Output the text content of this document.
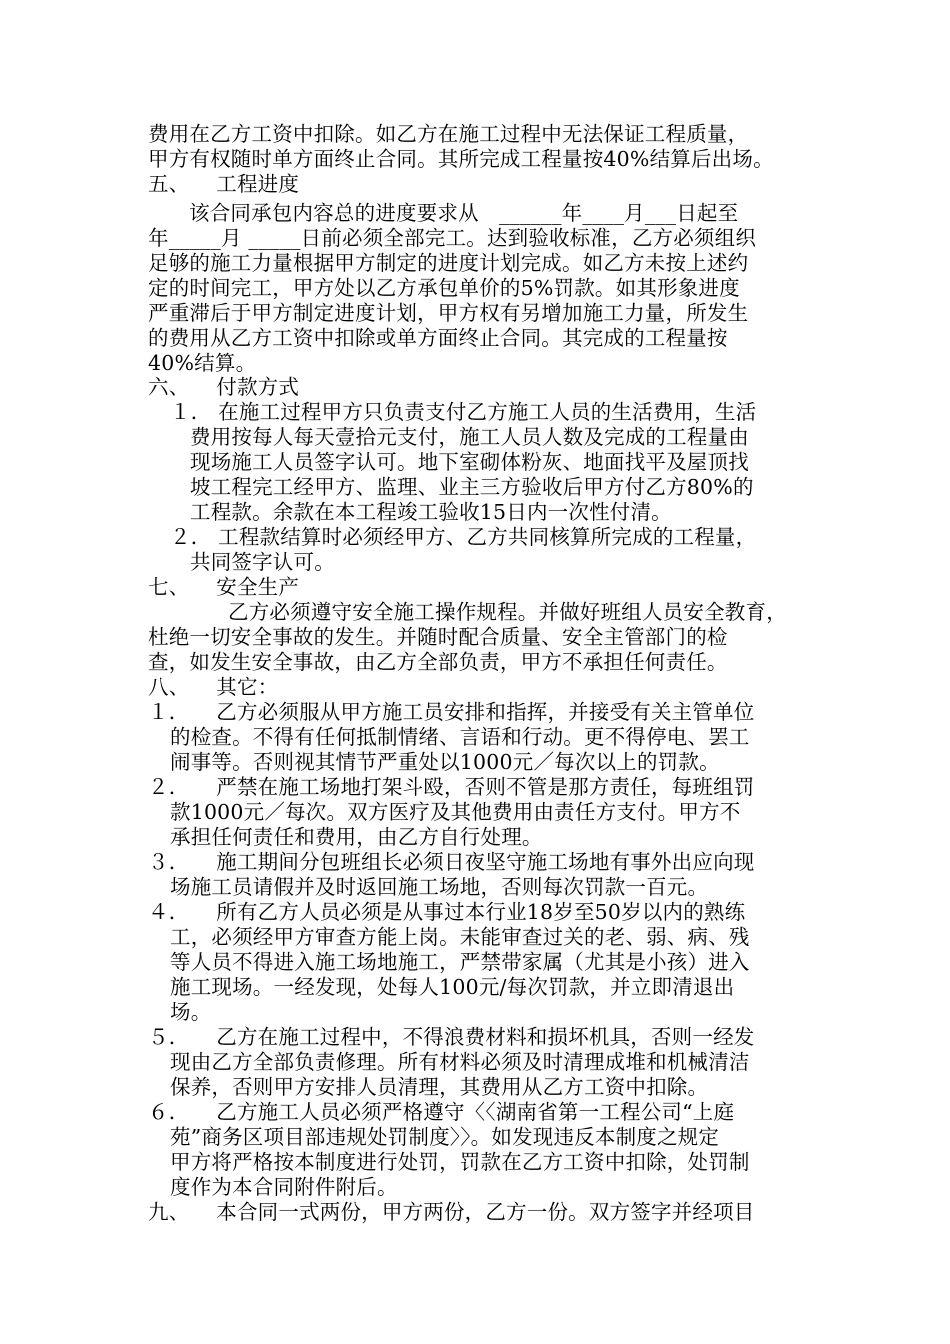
费用在乙方工资中扣除。如乙方在施工过程中无法保证工程质量，
甲方有权随时单方面终止合同。其所完成工程量按40%结算后出场。
五、    工程进度
该合同承包内容总的进度要求从   ______年____月___日起至
年_____月 _____日前必须全部完工。达到验收标准，乙方必须组织
足够的施工力量根据甲方制定的进度计划完成。如乙方未按上述约
定的时间完工，甲方处以乙方承包单价的5%罚款。如其形象进度
严重滞后于甲方制定进度计划，甲方权有另增加施工力量，所发生
的费用从乙方工资中扣除或单方面终止合同。其完成的工程量按
40%结算。
六、    付款方式
１． 在施工过程甲方只负责支付乙方施工人员的生活费用，生活
费用按每人每天壹拾元支付，施工人员人数及完成的工程量由
现场施工人员签字认可。地下室砌体粉灰、地面找平及屋顶找
坡工程完工经甲方、监理、业主三方验收后甲方付乙方80%的
工程款。余款在本工程竣工验收15日内一次性付清。
２． 工程款结算时必须经甲方、乙方共同核算所完成的工程量，
共同签字认可。
七、    安全生产
乙方必须遵守安全施工操作规程。并做好班组人员安全教育，
杜绝一切安全事故的发生。并随时配合质量、安全主管部门的检
查，如发生安全事故，由乙方全部负责，甲方不承担任何责任。
八、    其它：
１．    乙方必须服从甲方施工员安排和指挥，并接受有关主管单位
的检查。不得有任何抵制情绪、言语和行动。更不得停电、罢工
闹事等。否则视其情节严重处以1000元／每次以上的罚款。
２．    严禁在施工场地打架斗殴，否则不管是那方责任，每班组罚
款1000元／每次。双方医疗及其他费用由责任方支付。甲方不
承担任何责任和费用，由乙方自行处理。
３．    施工期间分包班组长必须日夜坚守施工场地有事外出应向现
场施工员请假并及时返回施工场地，否则每次罚款一百元。
４．    所有乙方人员必须是从事过本行业18岁至50岁以内的熟练
工，必须经甲方审查方能上岗。未能审查过关的老、弱、病、残
等人员不得进入施工场地施工，严禁带家属（尤其是小孩）进入
施工现场。一经发现，处每人100元/每次罚款，并立即清退出
场。
５．    乙方在施工过程中，不得浪费材料和损坏机具，否则一经发
现由乙方全部负责修理。所有材料必须及时清理成堆和机械清洁
保养，否则甲方安排人员清理，其费用从乙方工资中扣除。
６．    乙方施工人员必须严格遵守〈〈湖南省第一工程公司“上庭
苑”商务区项目部违规处罚制度〉〉。如发现违反本制度之规定
甲方将严格按本制度进行处罚，罚款在乙方工资中扣除，处罚制
度作为本合同附件附后。
九、    本合同一式两份，甲方两份，乙方一份。双方签字并经项目
